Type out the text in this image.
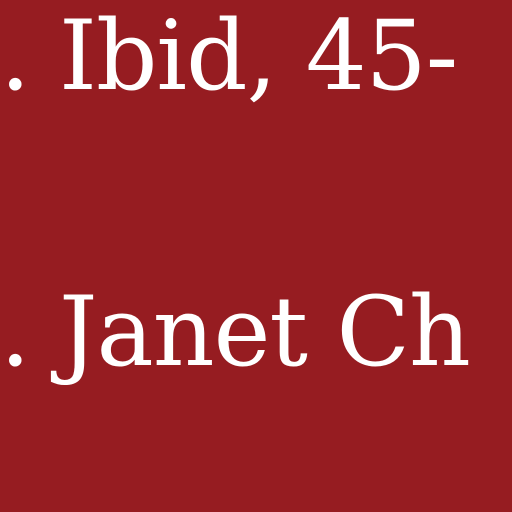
. Ibid, 45-
. Janet Ch
